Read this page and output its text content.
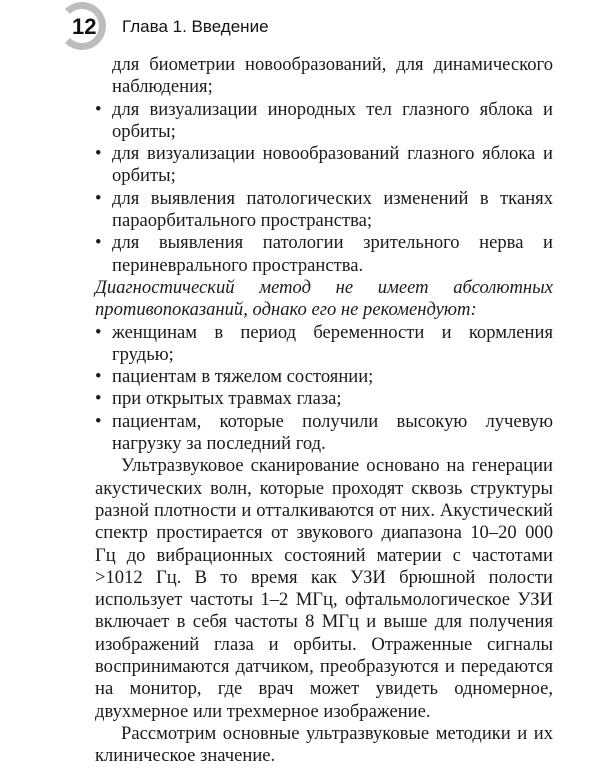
12 Глава 1. Введение
для биометрии новообразований, для динамического наблюдения;
• для визуализации инородных тел глазного яблока и орбиты;
• для визуализации новообразований глазного яблока и орбиты;
• для выявления патологических изменений в тканях параорбитального пространства;
• для выявления патологии зрительного нерва и периневрального пространства.

Диагностический метод не имеет абсолютных противопоказаний, однако его не рекомендуют:

• женщинам в период беременности и кормления грудью;
• пациентам в тяжелом состоянии;
• при открытых травмах глаза;
• пациентам, которые получили высокую лучевую нагрузку за последний год.

Ультразвуковое сканирование основано на генерации акустических волн, которые проходят сквозь структуры разной плотности и отталкиваются от них. Акустический спектр простирается от звукового диапазона 10–20 000 Гц до вибрационных состояний материи с частотами >1012 Гц. В то время как УЗИ брюшной полости использует частоты 1–2 МГц, офтальмологическое УЗИ включает в себя частоты 8 МГц и выше для получения изображений глаза и орбиты. Отраженные сигналы воспринимаются датчиком, преобразуются и передаются на монитор, где врач может увидеть одномерное, двухмерное или трехмерное изображение.

Рассмотрим основные ультразвуковые методики и их клиническое значение.
